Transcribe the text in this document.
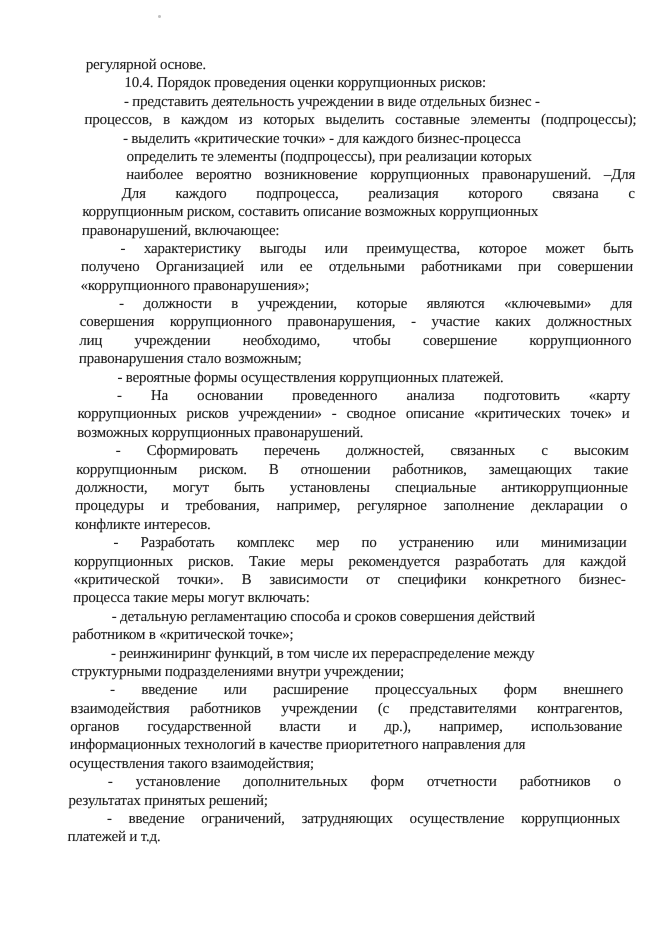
регулярной основе.
10.4. Порядок проведения оценки коррупционных рисков:
- представить деятельность учреждении в виде отдельных бизнес -
процессов, в каждом из которых выделить составные элементы (подпроцессы);
- выделить «критические точки» - для каждого бизнес-процесса
определить те элементы (подпроцессы), при реализации которых
наиболее вероятно возникновение коррупционных правонарушений. –Для
Для каждого подпроцесса, реализация которого связана с
коррупционным риском, составить описание возможных коррупционных
правонарушений, включающее:
- характеристику выгоды или преимущества, которое может быть
получено Организацией или ее отдельными работниками при совершении
«коррупционного правонарушения»;
- должности в учреждении, которые являются «ключевыми» для
совершения коррупционного правонарушения, - участие каких должностных
лиц учреждении необходимо, чтобы совершение коррупционного
правонарушения стало возможным;
- вероятные формы осуществления коррупционных платежей.
- На основании проведенного анализа подготовить «карту
коррупционных рисков учреждении» - сводное описание «критических точек» и
возможных коррупционных правонарушений.
- Сформировать перечень должностей, связанных с высоким
коррупционным риском. В отношении работников, замещающих такие
должности, могут быть установлены специальные антикоррупционные
процедуры и требования, например, регулярное заполнение декларации о
конфликте интересов.
- Разработать комплекс мер по устранению или минимизации
коррупционных рисков. Такие меры рекомендуется разработать для каждой
«критической точки». В зависимости от специфики конкретного бизнес-
процесса такие меры могут включать:
- детальную регламентацию способа и сроков совершения действий
работником в «критической точке»;
- реинжиниринг функций, в том числе их перераспределение между
структурными подразделениями внутри учреждении;
- введение или расширение процессуальных форм внешнего
взаимодействия работников учреждении (с представителями контрагентов,
органов государственной власти и др.), например, использование
информационных технологий в качестве приоритетного направления для
осуществления такого взаимодействия;
- установление дополнительных форм отчетности работников о
результатах принятых решений;
- введение ограничений, затрудняющих осуществление коррупционных
платежей и т.д.
